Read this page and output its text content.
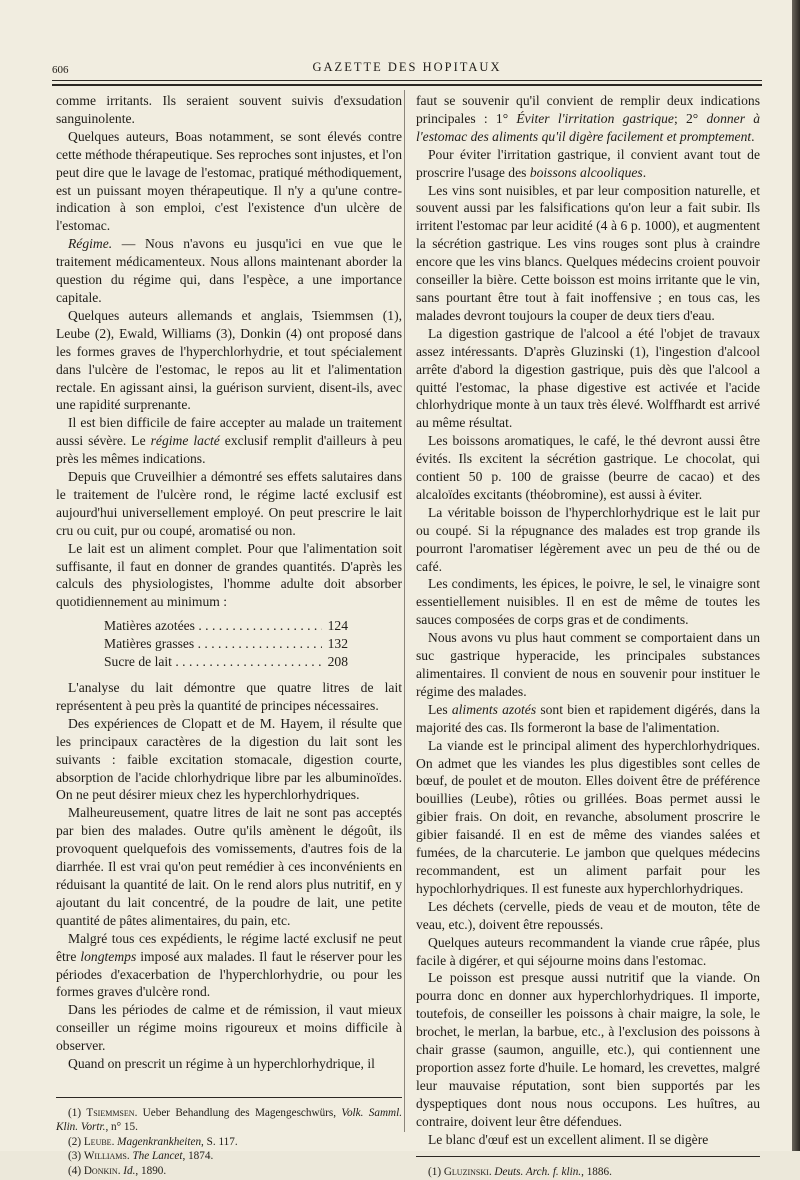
606	GAZETTE DES HOPITAUX

comme irritants. Ils seraient souvent suivis d'exsudation sanguinolente.

Quelques auteurs, Boas notamment, se sont élevés contre cette méthode thérapeutique. Ses reproches sont injustes, et l'on peut dire que le lavage de l'estomac, pratiqué méthodiquement, est un puissant moyen thérapeutique. Il n'y a qu'une contre-indication à son emploi, c'est l'existence d'un ulcère de l'estomac.

Régime. — Nous n'avons eu jusqu'ici en vue que le traitement médicamenteux. Nous allons maintenant aborder la question du régime qui, dans l'espèce, a une importance capitale.

Quelques auteurs allemands et anglais, Tsiemmsen (1), Leube (2), Ewald, Williams (3), Donkin (4) ont proposé dans les formes graves de l'hyperchlorhydrie, et tout spécialement dans l'ulcère de l'estomac, le repos au lit et l'alimentation rectale. En agissant ainsi, la guérison survient, disent-ils, avec une rapidité surprenante.

Il est bien difficile de faire accepter au malade un traitement aussi sévère. Le régime lacté exclusif remplit d'ailleurs à peu près les mêmes indications.

Depuis que Cruveilhier a démontré ses effets salutaires dans le traitement de l'ulcère rond, le régime lacté exclusif est aujourd'hui universellement employé. On peut prescrire le lait cru ou cuit, pur ou coupé, aromatisé ou non.

Le lait est un aliment complet. Pour que l'alimentation soit suffisante, il faut en donner de grandes quantités. D'après les calculs des physiologistes, l'homme adulte doit absorber quotidiennement au minimum :

Matières azotées . . .	124
Matières grasses . . .	132
Sucre de lait . . .	208

L'analyse du lait démontre que quatre litres de lait représentent à peu près la quantité de principes nécessaires.

Des expériences de Clopatt et de M. Hayem, il résulte que les principaux caractères de la digestion du lait sont les suivants : faible excitation stomacale, digestion courte, absorption de l'acide chlorhydrique libre par les albuminoïdes. On ne peut désirer mieux chez les hyperchlorhydriques.

Malheureusement, quatre litres de lait ne sont pas acceptés par bien des malades. Outre qu'ils amènent le dégoût, ils provoquent quelquefois des vomissements, d'autres fois de la diarrhée. Il est vrai qu'on peut remédier à ces inconvénients en réduisant la quantité de lait. On le rend alors plus nutritif, en y ajoutant du lait concentré, de la poudre de lait, une petite quantité de pâtes alimentaires, du pain, etc.

Malgré tous ces expédients, le régime lacté exclusif ne peut être longtemps imposé aux malades. Il faut le réserver pour les périodes d'exacerbation de l'hyperchlorhydrie, ou pour les formes graves d'ulcère rond.

Dans les périodes de calme et de rémission, il vaut mieux conseiller un régime moins rigoureux et moins difficile à observer.

Quand on prescrit un régime à un hyperchlorhydrique, il

(1) Tsiemmsen. Ueber Behandlung des Magengeschwürs, Volk. Samml. Klin. Vortr., n° 15.
(2) Leube. Magenkrankheiten, S. 117.
(3) Williams. The Lancet, 1874.
(4) Donkin. Id., 1890.

faut se souvenir qu'il convient de remplir deux indications principales : 1° Éviter l'irritation gastrique; 2° donner à l'estomac des aliments qu'il digère facilement et promptement.

Pour éviter l'irritation gastrique, il convient avant tout de proscrire l'usage des boissons alcooliques.

Les vins sont nuisibles, et par leur composition naturelle, et souvent aussi par les falsifications qu'on leur a fait subir. Ils irritent l'estomac par leur acidité (4 à 6 p. 1000), et augmentent la sécrétion gastrique. Les vins rouges sont plus à craindre encore que les vins blancs. Quelques médecins croient pouvoir conseiller la bière. Cette boisson est moins irritante que le vin, sans pourtant être tout à fait inoffensive ; en tous cas, les malades devront toujours la couper de deux tiers d'eau.

La digestion gastrique de l'alcool a été l'objet de travaux assez intéressants. D'après Gluzinski (1), l'ingestion d'alcool arrête d'abord la digestion gastrique, puis dès que l'alcool a quitté l'estomac, la phase digestive est activée et l'acide chlorhydrique monte à un taux très élevé. Wolffhardt est arrivé au même résultat.

Les boissons aromatiques, le café, le thé devront aussi être évités. Ils excitent la sécrétion gastrique. Le chocolat, qui contient 50 p. 100 de graisse (beurre de cacao) et des alcaloïdes excitants (théobromine), est aussi à éviter.

La véritable boisson de l'hyperchlorhydrique est le lait pur ou coupé. Si la répugnance des malades est trop grande ils pourront l'aromatiser légèrement avec un peu de thé ou de café.

Les condiments, les épices, le poivre, le sel, le vinaigre sont essentiellement nuisibles. Il en est de même de toutes les sauces composées de corps gras et de condiments.

Nous avons vu plus haut comment se comportaient dans un suc gastrique hyperacide, les principales substances alimentaires. Il convient de nous en souvenir pour instituer le régime des malades.

Les aliments azotés sont bien et rapidement digérés, dans la majorité des cas. Ils formeront la base de l'alimentation.

La viande est le principal aliment des hyperchlorhydriques. On admet que les viandes les plus digestibles sont celles de bœuf, de poulet et de mouton. Elles doivent être de préférence bouillies (Leube), rôties ou grillées. Boas permet aussi le gibier frais. On doit, en revanche, absolument proscrire le gibier faisandé. Il en est de même des viandes salées et fumées, de la charcuterie. Le jambon que quelques médecins recommandent, est un aliment parfait pour les hypochlorhydriques. Il est funeste aux hyperchlorhydriques.

Les déchets (cervelle, pieds de veau et de mouton, tête de veau, etc.), doivent être repoussés.

Quelques auteurs recommandent la viande crue râpée, plus facile à digérer, et qui séjourne moins dans l'estomac.

Le poisson est presque aussi nutritif que la viande. On pourra donc en donner aux hyperchlorhydriques. Il importe, toutefois, de conseiller les poissons à chair maigre, la sole, le brochet, le merlan, la barbue, etc., à l'exclusion des poissons à chair grasse (saumon, anguille, etc.), qui contiennent une proportion assez forte d'huile. Le homard, les crevettes, malgré leur mauvaise réputation, sont bien supportés par les dyspeptiques dont nous nous occupons. Les huîtres, au contraire, doivent leur être défendues.

Le blanc d'œuf est un excellent aliment. Il se digère

(1) Gluzinski. Deuts. Arch. f. klin., 1886.
